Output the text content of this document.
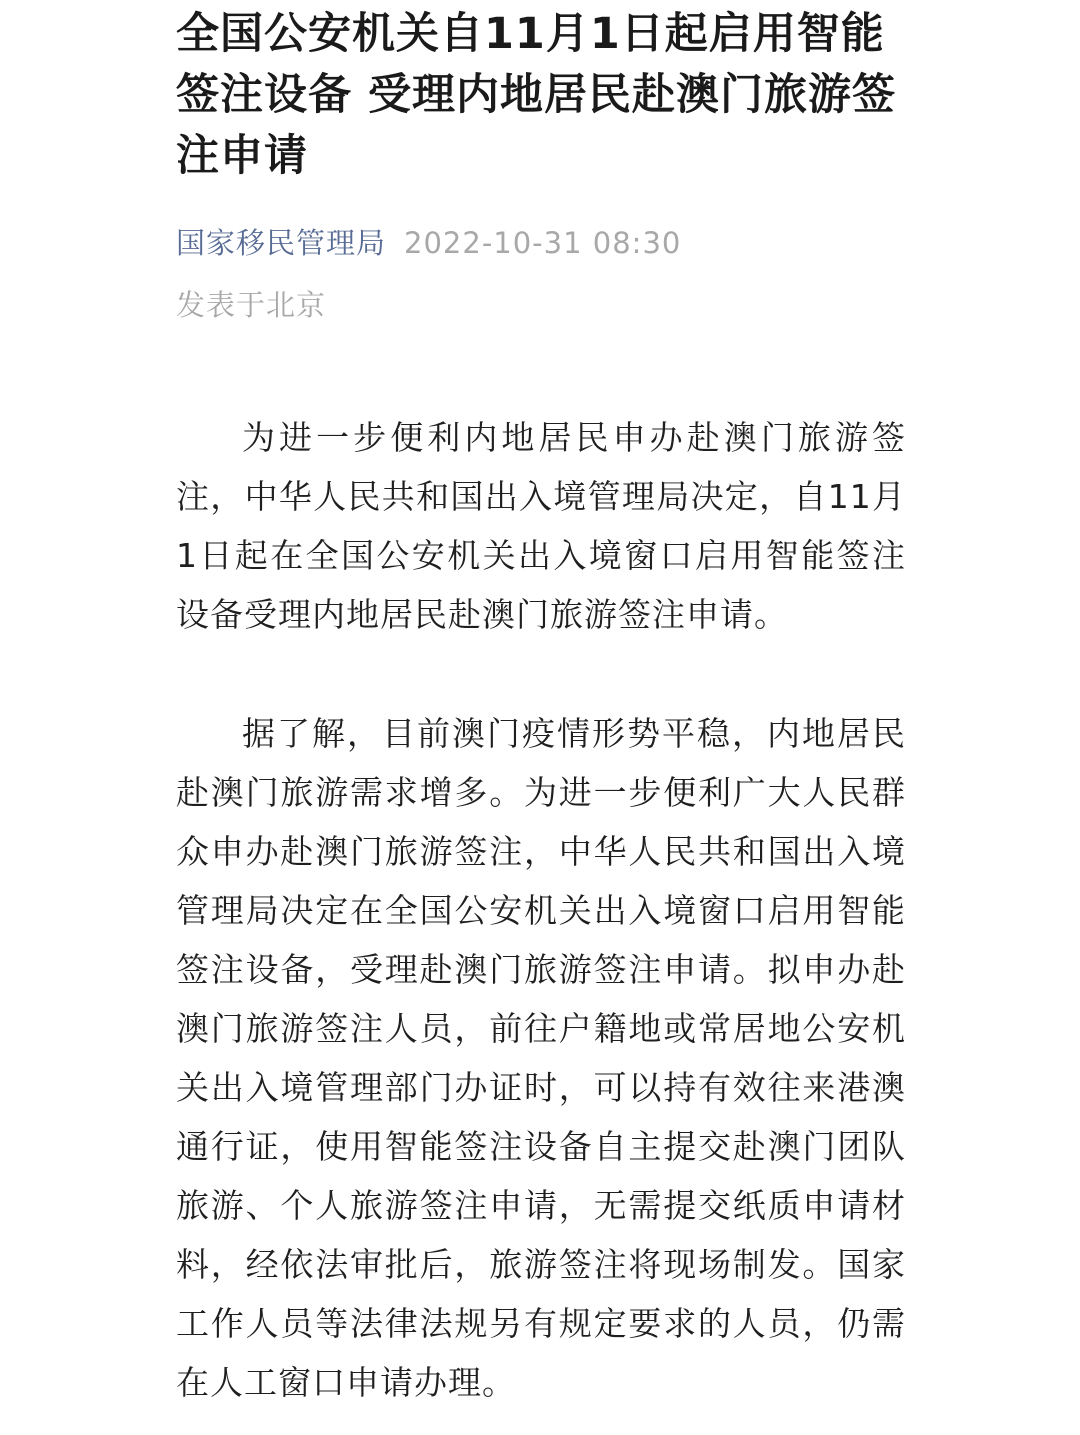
全国公安机关自11月1日起启用智能签注设备 受理内地居民赴澳门旅游签注申请
国家移民管理局 2022-10-31 08:30
发表于北京

为进一步便利内地居民申办赴澳门旅游签注，中华人民共和国出入境管理局决定，自11月1日起在全国公安机关出入境窗口启用智能签注设备受理内地居民赴澳门旅游签注申请。

据了解，目前澳门疫情形势平稳，内地居民赴澳门旅游需求增多。为进一步便利广大人民群众申办赴澳门旅游签注，中华人民共和国出入境管理局决定在全国公安机关出入境窗口启用智能签注设备，受理赴澳门旅游签注申请。拟申办赴澳门旅游签注人员，前往户籍地或常居地公安机关出入境管理部门办证时，可以持有效往来港澳通行证，使用智能签注设备自主提交赴澳门团队旅游、个人旅游签注申请，无需提交纸质申请材料，经依法审批后，旅游签注将现场制发。国家工作人员等法律法规另有规定要求的人员，仍需在人工窗口申请办理。
